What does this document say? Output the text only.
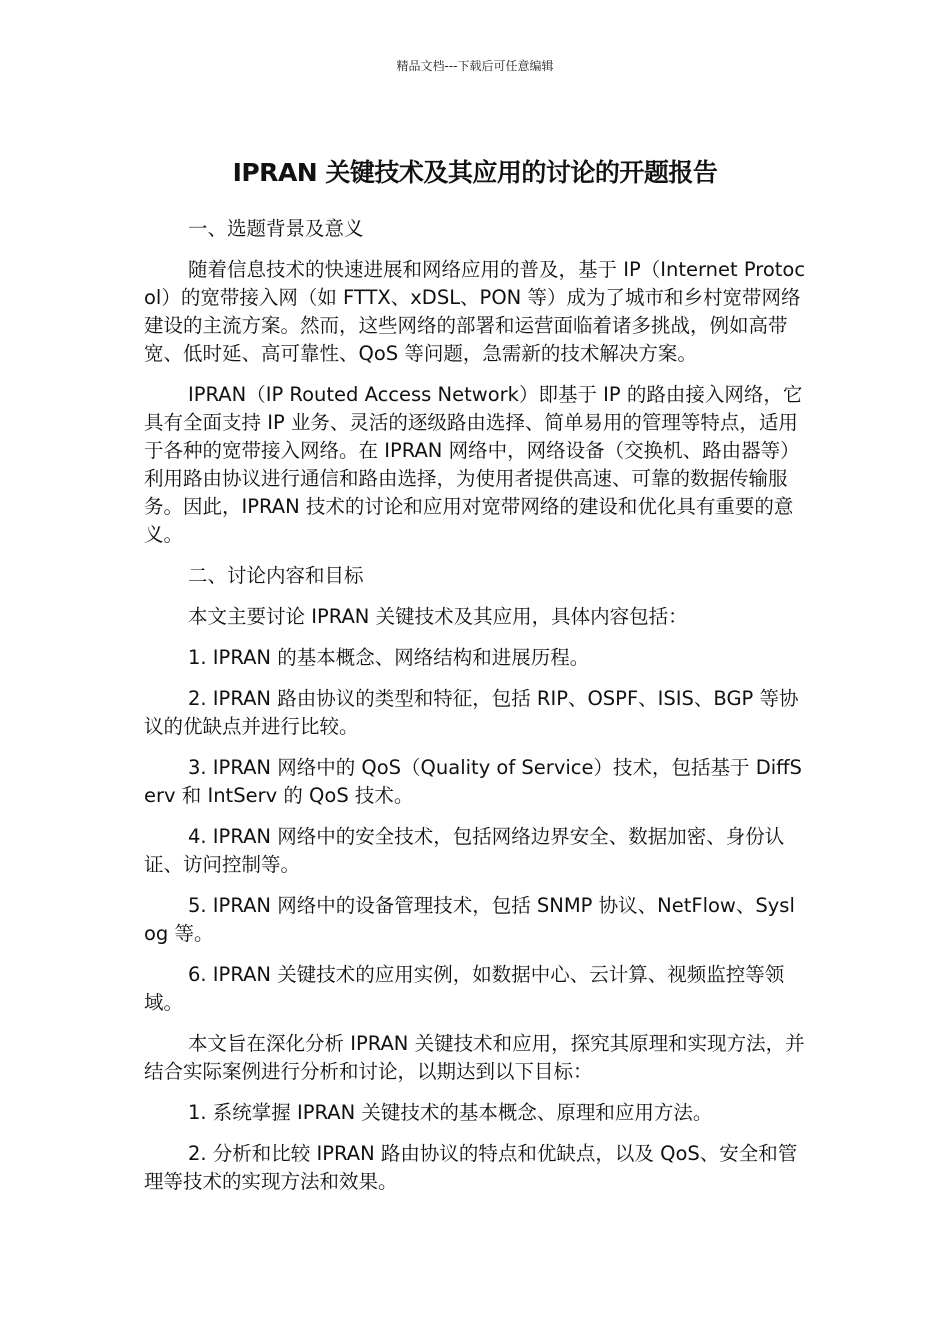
精品文档---下载后可任意编辑
IPRAN 关键技术及其应用的讨论的开题报告

一、选题背景及意义

随着信息技术的快速进展和网络应用的普及，基于 IP（Internet Protocol）的宽带接入网（如 FTTX、xDSL、PON 等）成为了城市和乡村宽带网络建设的主流方案。然而，这些网络的部署和运营面临着诸多挑战，例如高带宽、低时延、高可靠性、QoS 等问题，急需新的技术解决方案。

IPRAN（IP Routed Access Network）即基于 IP 的路由接入网络，它具有全面支持 IP 业务、灵活的逐级路由选择、简单易用的管理等特点，适用于各种的宽带接入网络。在 IPRAN 网络中，网络设备（交换机、路由器等）利用路由协议进行通信和路由选择，为使用者提供高速、可靠的数据传输服务。因此，IPRAN 技术的讨论和应用对宽带网络的建设和优化具有重要的意义。

二、讨论内容和目标

本文主要讨论 IPRAN 关键技术及其应用，具体内容包括：

1. IPRAN 的基本概念、网络结构和进展历程。

2. IPRAN 路由协议的类型和特征，包括 RIP、OSPF、ISIS、BGP 等协议的优缺点并进行比较。

3. IPRAN 网络中的 QoS（Quality of Service）技术，包括基于 DiffServ 和 IntServ 的 QoS 技术。

4. IPRAN 网络中的安全技术，包括网络边界安全、数据加密、身份认证、访问控制等。

5. IPRAN 网络中的设备管理技术，包括 SNMP 协议、NetFlow、Syslog 等。

6. IPRAN 关键技术的应用实例，如数据中心、云计算、视频监控等领域。

本文旨在深化分析 IPRAN 关键技术和应用，探究其原理和实现方法，并结合实际案例进行分析和讨论，以期达到以下目标：

1. 系统掌握 IPRAN 关键技术的基本概念、原理和应用方法。

2. 分析和比较 IPRAN 路由协议的特点和优缺点，以及 QoS、安全和管理等技术的实现方法和效果。
